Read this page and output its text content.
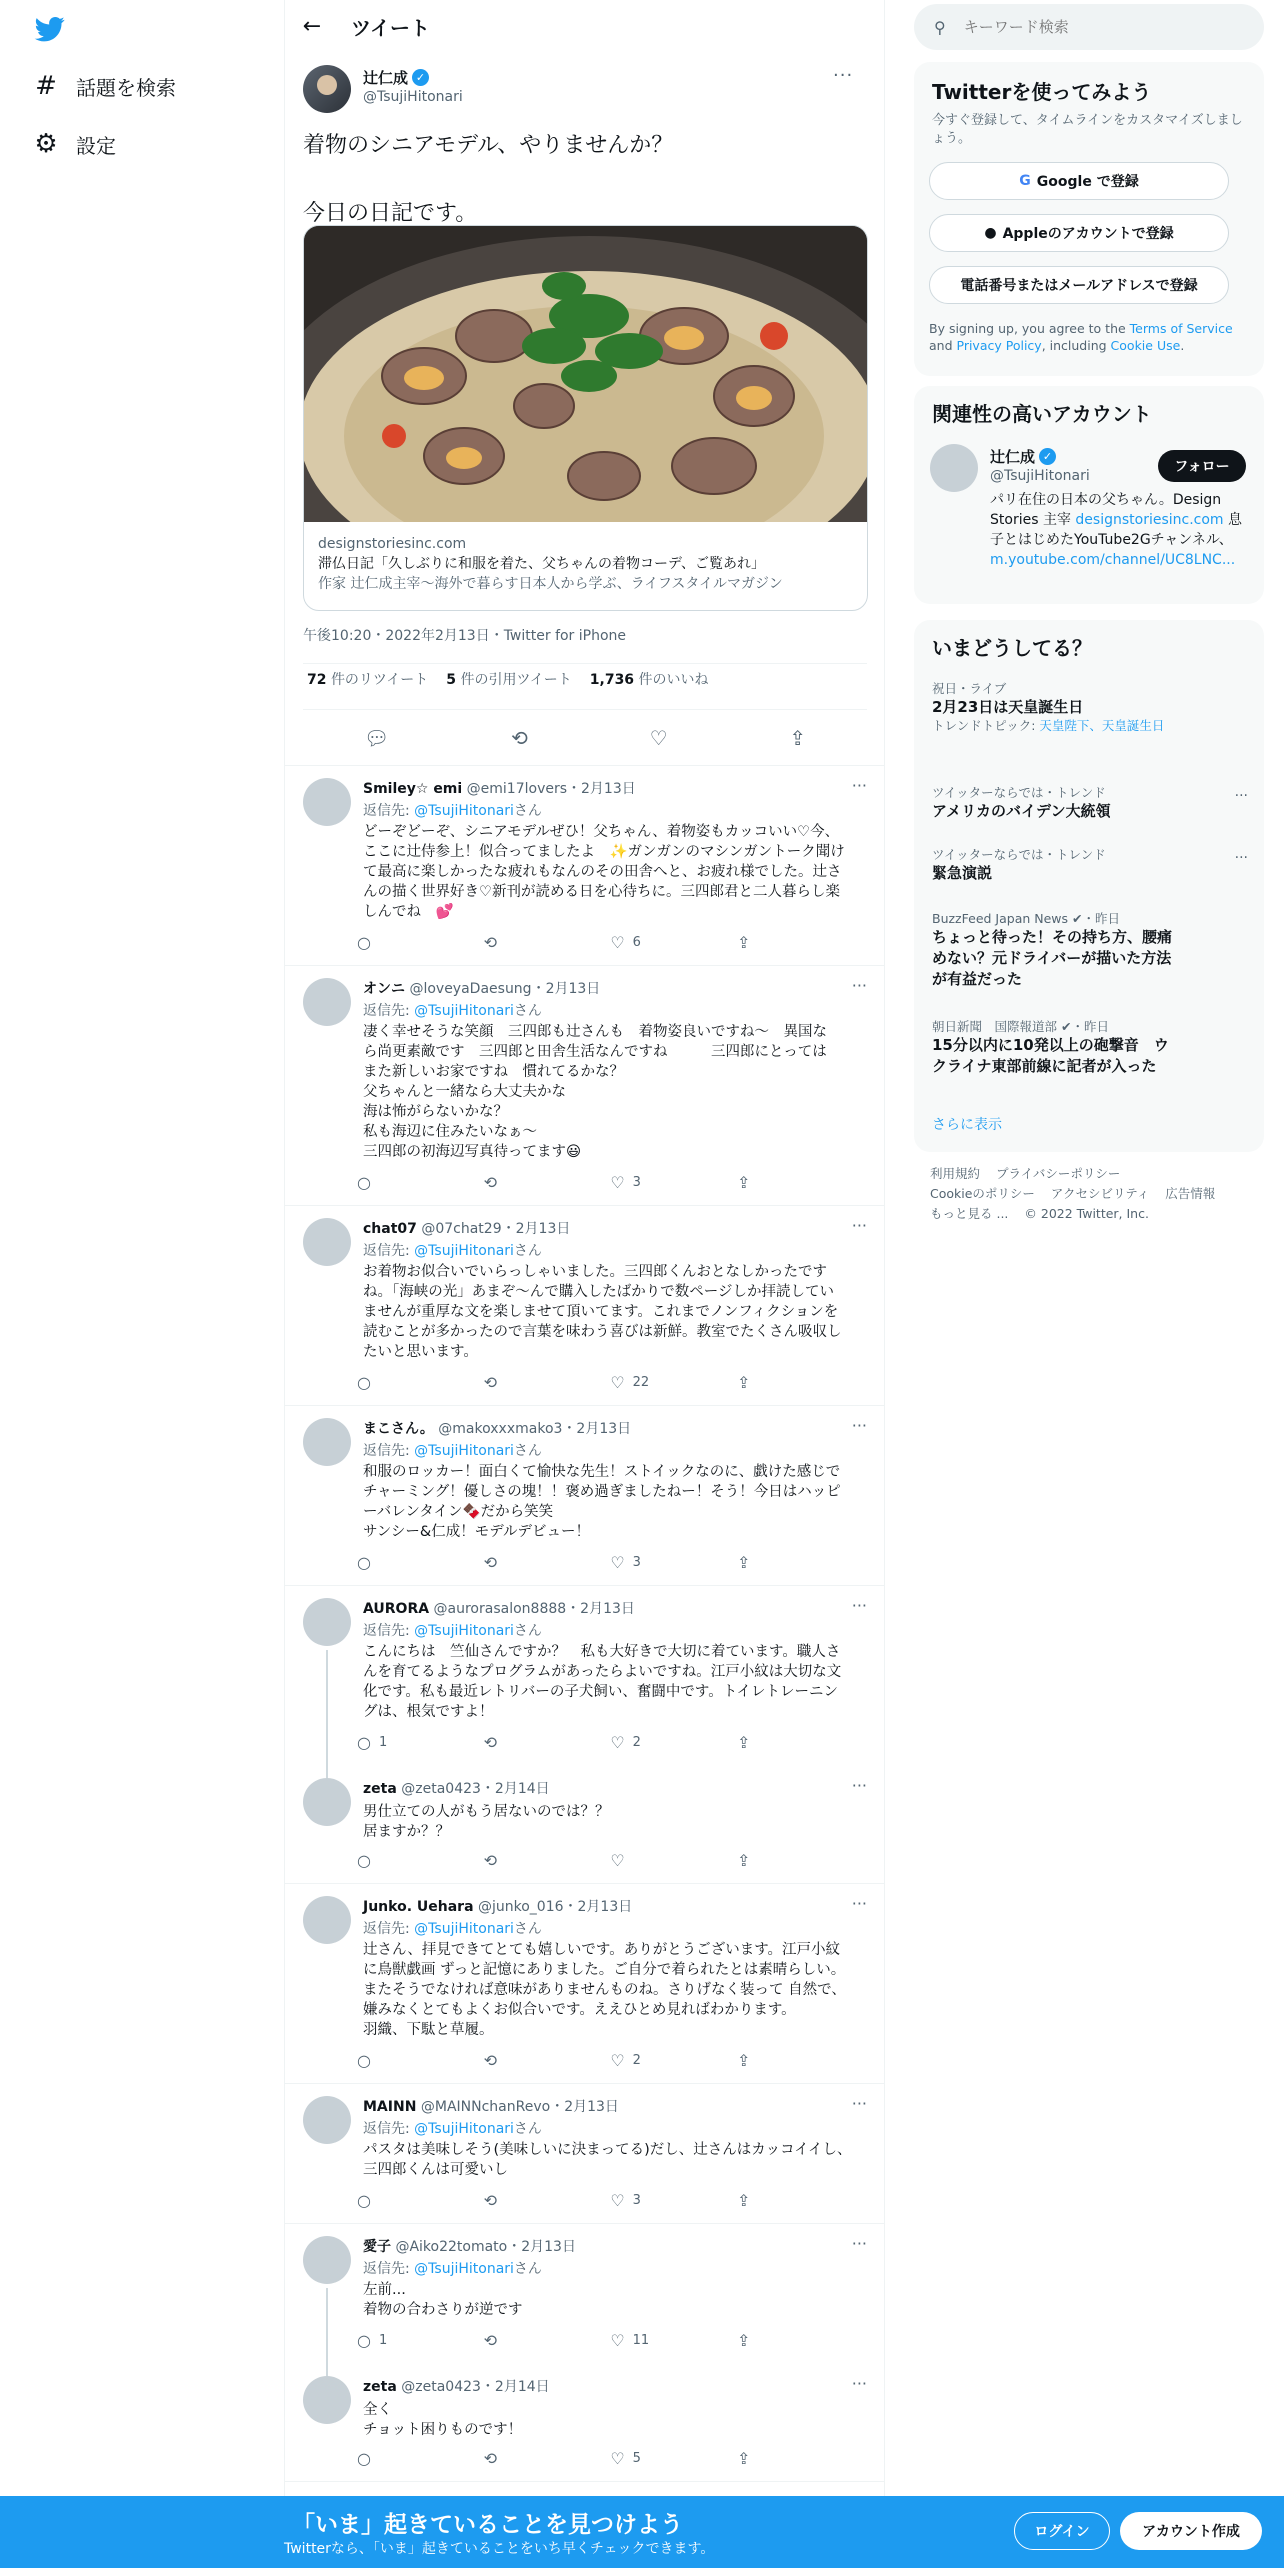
# 話題を検索
⚙ 設定
←	ツイート
辻仁成 ✓
@TsujiHitonari
···
着物のシニアモデル、やりませんか？

今日の日記です。
designstoriesinc.com
滞仏日記「久しぶりに和服を着た、父ちゃんの着物コーデ、ご覧あれ」
作家 辻仁成主宰～海外で暮らす日本人から学ぶ、ライフスタイルマガジン
午後10:20・2022年2月13日・Twitter for iPhone
72 件のリツイート 5 件の引用ツイート 1,736 件のいいね
💬︎	⟲	♡	⇪
Smiley☆ emi @emi17lovers・2月13日	···
返信先: @TsujiHitonariさん
どーぞどーぞ、シニアモデルぜひ！父ちゃん、着物姿もカッコいい♡今、
ここに辻侍参上！似合ってましたよ　✨ガンガンのマシンガントーク聞け
て最高に楽しかったな疲れもなんのその田舎へと、お疲れ様でした。辻さ
んの描く世界好き♡新刊が読める日を心待ちに。三四郎君と二人暮らし楽
しんでね　💕
○	⟲	♡ 6	⇪
オンニ @loveyaDaesung・2月13日	···
返信先: @TsujiHitonariさん
凄く幸せそうな笑顔　三四郎も辻さんも　着物姿良いですね〜　異国な
ら尚更素敵です　三四郎と田舎生活なんですね　　　三四郎にとっては
また新しいお家ですね　慣れてるかな？
父ちゃんと一緒なら大丈夫かな
海は怖がらないかな？
私も海辺に住みたいなぁ〜
三四郎の初海辺写真待ってます😃
○	⟲	♡ 3	⇪
chat07 @07chat29・2月13日	···
返信先: @TsujiHitonariさん
お着物お似合いでいらっしゃいました。三四郎くんおとなしかったです
ね。「海峡の光」あまぞ〜んで購入したばかりで数ページしか拝読してい
ませんが重厚な文を楽しませて頂いてます。これまでノンフィクションを
読むことが多かったので言葉を味わう喜びは新鮮。教室でたくさん吸収し
たいと思います。
○	⟲	♡ 22	⇪
まこさん。 @makoxxxmako3・2月13日	···
返信先: @TsujiHitonariさん
和服のロッカー！面白くて愉快な先生！ストイックなのに、戯けた感じで
チャーミング！優しさの塊！！褒め過ぎましたねー！そう！今日はハッピ
ーバレンタイン🍫だから笑笑
サンシー&仁成！モデルデビュー！
○	⟲	♡ 3	⇪
AURORA @aurorasalon8888・2月13日	···
返信先: @TsujiHitonariさん
こんにちは　竺仙さんですか？　私も大好きで大切に着ています。職人さ
んを育てるようなプログラムがあったらよいですね。江戸小紋は大切な文
化です。私も最近レトリバーの子犬飼い、奮闘中です。トイレトレーニン
グは、根気ですよ！
○ 1	⟲	♡ 2	⇪
zeta @zeta0423・2月14日	···
男仕立ての人がもう居ないのでは？？
居ますか？？
○	⟲	♡	⇪
Junko. Uehara @junko_016・2月13日	···
返信先: @TsujiHitonariさん
辻さん、拝見できてとても嬉しいです。ありがとうございます。江戸小紋
に鳥獣戯画 ずっと記憶にありました。ご自分で着られたとは素晴らしい。
またそうでなければ意味がありませんものね。さりげなく装って 自然で、
嫌みなくとてもよくお似合いです。ええひとめ見ればわかります。
羽織、下駄と草履。
○	⟲	♡ 2	⇪
MAINN @MAINNchanRevo・2月13日	···
返信先: @TsujiHitonariさん
パスタは美味しそう(美味しいに決まってる)だし、辻さんはカッコイイし、
三四郎くんは可愛いし
○	⟲	♡ 3	⇪
愛子 @Aiko22tomato・2月13日	···
返信先: @TsujiHitonariさん
左前...
着物の合わさりが逆です
○ 1	⟲	♡ 11	⇪
zeta @zeta0423・2月14日	···
全く
チョット困りものです！
○	⟲	♡ 5	⇪
⚲
キーワード検索
Twitterを使ってみよう
今すぐ登録して、タイムラインをカスタマイズしましょう。
G Google で登録
● Appleのアカウントで登録
電話番号またはメールアドレスで登録
By signing up, you agree to the Terms of Service and Privacy Policy, including Cookie Use.
関連性の高いアカウント
辻仁成 ✓
@TsujiHitonari
フォロー
パリ在住の日本の父ちゃん。Design Stories 主宰 designstoriesinc.com 息子とはじめたYouTube2Gチャンネル、m.youtube.com/channel/UC8LNC...
いまどうしてる？
祝日・ライブ
2月23日は天皇誕生日
トレンドトピック: 天皇陛下、天皇誕生日
ツイッターならでは・トレンド
アメリカのバイデン大統領
···
ツイッターならでは・トレンド
緊急演説
···
BuzzFeed Japan News ✔・昨日
ちょっと待った！その持ち方、腰痛めない？元ドライバーが描いた方法が有益だった
朝日新聞　国際報道部 ✔・昨日
15分以内に10発以上の砲撃音　ウクライナ東部前線に記者が入った
さらに表示
利用規約 プライバシーポリシー
Cookieのポリシー アクセシビリティ 広告情報
もっと見る ... © 2022 Twitter, Inc.
「いま」起きていることを見つけよう
Twitterなら、「いま」起きていることをいち早くチェックできます。
ログイン	アカウント作成
